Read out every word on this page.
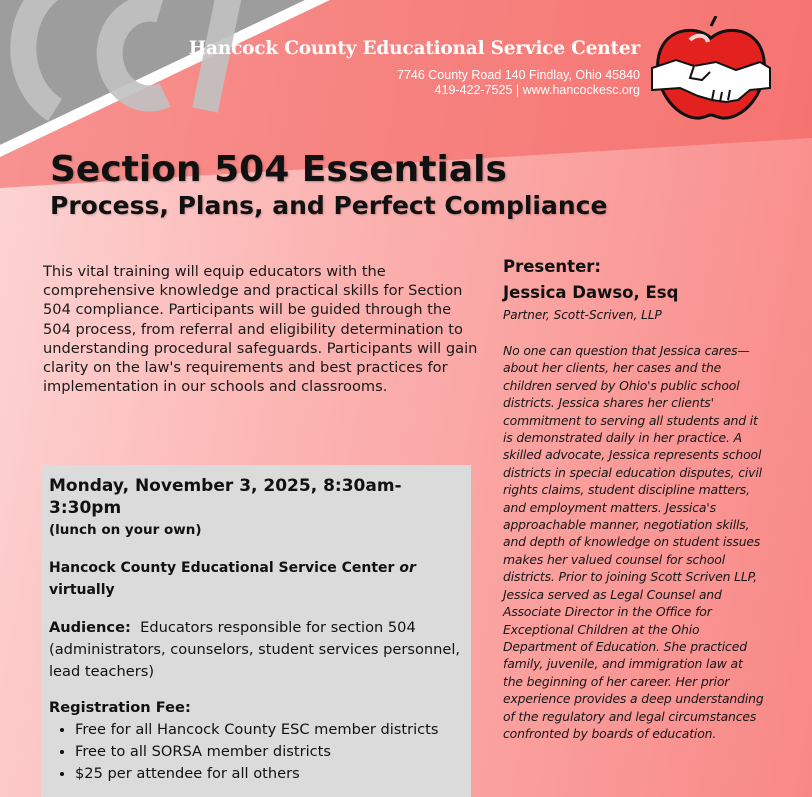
Hancock County Educational Service Center
7746 County Road 140 Findlay, Ohio 45840
419-422-7525 | www.hancockesc.org
Section 504 Essentials
Process, Plans, and Perfect Compliance

This vital training will equip educators with the comprehensive knowledge and practical skills for Section 504 compliance. Participants will be guided through the 504 process, from referral and eligibility determination to understanding procedural safeguards. Participants will gain clarity on the law's requirements and best practices for implementation in our schools and classrooms.

Monday, November 3, 2025, 8:30am-3:30pm

(lunch on your own)

Hancock County Educational Service Center or
virtually

Audience: Educators responsible for section 504 (administrators, counselors, student services personnel, lead teachers)

Registration Fee:

• Free for all Hancock County ESC member districts
• Free to all SORSA member districts
• $25 per attendee for all others

Presenter:

Jessica Dawso, Esq

Partner, Scott-Scriven, LLP

No one can question that Jessica cares—about her clients, her cases and the children served by Ohio's public school districts. Jessica shares her clients' commitment to serving all students and it is demonstrated daily in her practice. A skilled advocate, Jessica represents school districts in special education disputes, civil rights claims, student discipline matters, and employment matters. Jessica's approachable manner, negotiation skills, and depth of knowledge on student issues makes her valued counsel for school districts. Prior to joining Scott Scriven LLP, Jessica served as Legal Counsel and Associate Director in the Office for Exceptional Children at the Ohio Department of Education. She practiced family, juvenile, and immigration law at the beginning of her career. Her prior experience provides a deep understanding of the regulatory and legal circumstances confronted by boards of education.
